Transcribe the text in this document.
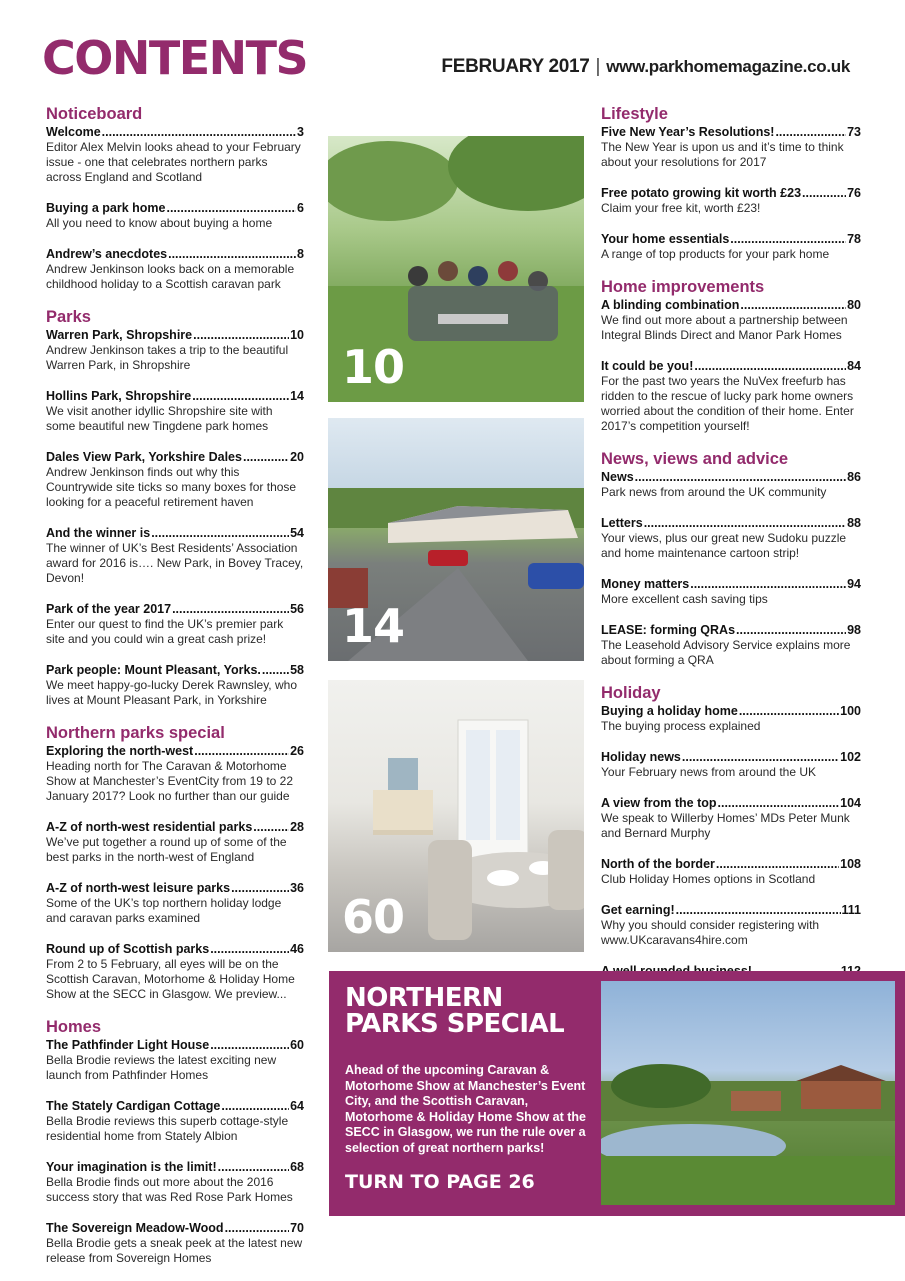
CONTENTS	FEBRUARY 2017 | www.parkhomemagazine.co.uk
Noticeboard
Welcome .....	3
Editor Alex Melvin looks ahead to your February issue - one that celebrates northern parks across England and Scotland
Buying a park home .....	6
All you need to know about buying a home
Andrew’s anecdotes .....	8
Andrew Jenkinson looks back on a memorable childhood holiday to a Scottish caravan park
Parks
Warren Park, Shropshire .....	10
Andrew Jenkinson takes a trip to the beautiful Warren Park, in Shropshire
Hollins Park, Shropshire .....	14
We visit another idyllic Shropshire site with some beautiful new Tingdene park homes
Dales View Park, Yorkshire Dales .....	20
Andrew Jenkinson finds out why this Countrywide site ticks so many boxes for those looking for a peaceful retirement haven
And the winner is .....	54
The winner of UK’s Best Residents’ Association award for 2016 is…. New Park, in Bovey Tracey, Devon!
Park of the year 2017 .....	56
Enter our quest to find the UK’s premier park site and you could win a great cash prize!
Park people: Mount Pleasant, Yorks. ..... 58
We meet happy-go-lucky Derek Rawnsley, who lives at Mount Pleasant Park, in Yorkshire
Northern parks special
Exploring the north-west .....	26
Heading north for The Caravan & Motorhome Show at Manchester’s EventCity from 19 to 22 January 2017? Look no further than our guide
A-Z of north-west residential parks .....	28
We’ve put together a round up of some of the best parks in the north-west of England
A-Z of north-west leisure parks .....	36
Some of the UK’s top northern holiday lodge and caravan parks examined
Round up of Scottish parks .....	46
From 2 to 5 February, all eyes will be on the Scottish Caravan, Motorhome & Holiday Home Show at the SECC in Glasgow. We preview...
Homes
The Pathfinder Light House .....	60
Bella Brodie reviews the latest exciting new launch from Pathfinder Homes
The Stately Cardigan Cottage .....	64
Bella Brodie reviews this superb cottage-style residential home from Stately Albion
Your imagination is the limit! .....	68
Bella Brodie finds out more about the 2016 success story that was Red Rose Park Homes
The Sovereign Meadow-Wood .....	70
Bella Brodie gets a sneak peek at the latest new release from Sovereign Homes
Lifestyle
Five New Year’s Resolutions! .....	73
The New Year is upon us and it’s time to think about your resolutions for 2017
Free potato growing kit worth £23 .....	76
Claim your free kit, worth £23!
Your home essentials .....	78
A range of top products for your park home
Home improvements
A blinding combination .....	80
We find out more about a partnership between Integral Blinds Direct and Manor Park Homes
It could be you! .....	84
For the past two years the NuVex freefurb has ridden to the rescue of lucky park home owners worried about the condition of their home. Enter 2017’s competition yourself!
News, views and advice
News .....	86
Park news from around the UK community
Letters .....	88
Your views, plus our great new Sudoku puzzle and home maintenance cartoon strip!
Money matters .....	94
More excellent cash saving tips
LEASE: forming QRAs .....	98
The Leasehold Advisory Service explains more about forming a QRA
Holiday
Buying a holiday home .....	100
The buying process explained
Holiday news .....	102
Your February news from around the UK
A view from the top .....	104
We speak to Willerby Homes’ MDs Peter Munk and Bernard Murphy
North of the border .....	108
Club Holiday Homes options in Scotland
Get earning! .....	111
Why you should consider registering with www.UKcaravans4hire.com
.....
10
14
60
NORTHERN PARKS SPECIAL

Ahead of the upcoming Caravan & Motorhome Show at Manchester’s Event City, and the Scottish Caravan, Motorhome & Holiday Home Show at the SECC in Glasgow, we run the rule over a selection of great northern parks!

TURN TO PAGE 26
